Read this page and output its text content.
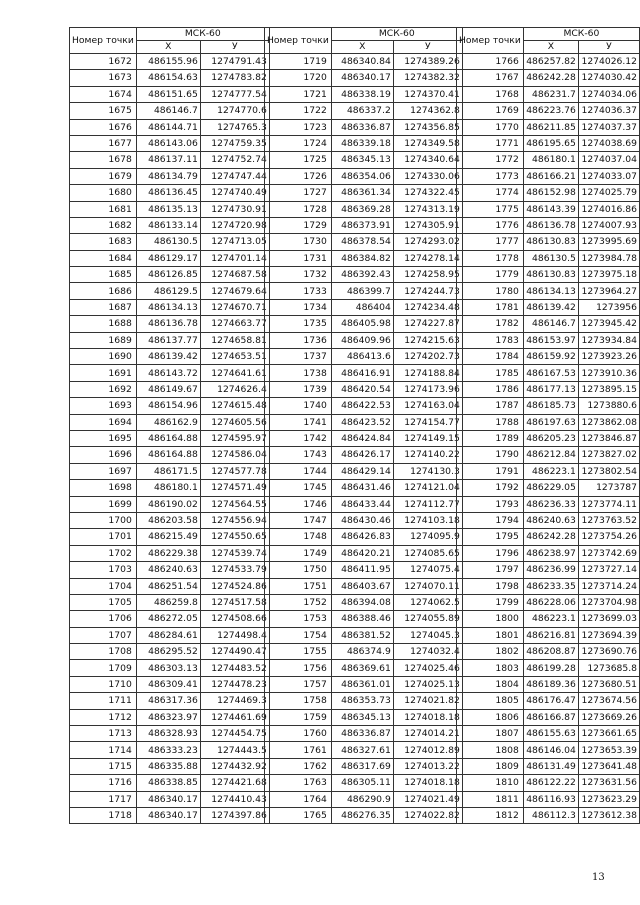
Номер точки	МСК-60	
	X	У
1672	486155.96	1274791.43
1673	486154.63	1274783.82
1674	486151.65	1274777.54
1675	486146.7	1274770.6
1676	486144.71	1274765.3
1677	486143.06	1274759.35
1678	486137.11	1274752.74
1679	486134.79	1274747.44
1680	486136.45	1274740.49
1681	486135.13	1274730.91
1682	486133.14	1274720.98
1683	486130.5	1274713.05
1684	486129.17	1274701.14
1685	486126.85	1274687.58
1686	486129.5	1274679.64
1687	486134.13	1274670.71
1688	486136.78	1274663.77
1689	486137.77	1274658.81
1690	486139.42	1274653.51
1691	486143.72	1274641.61
1692	486149.67	1274626.4
1693	486154.96	1274615.48
1694	486162.9	1274605.56
1695	486164.88	1274595.97
1696	486164.88	1274586.04
1697	486171.5	1274577.78
1698	486180.1	1274571.49
1699	486190.02	1274564.55
1700	486203.58	1274556.94
1701	486215.49	1274550.65
1702	486229.38	1274539.74
1703	486240.63	1274533.79
1704	486251.54	1274524.86
1705	486259.8	1274517.58
1706	486272.05	1274508.66
1707	486284.61	1274498.4
1708	486295.52	1274490.47
1709	486303.13	1274483.52
1710	486309.41	1274478.23
1711	486317.36	1274469.3
1712	486323.97	1274461.69
1713	486328.93	1274454.75
1714	486333.23	1274443.5
1715	486335.88	1274432.92
1716	486338.85	1274421.68
1717	486340.17	1274410.43
1718	486340.17	1274397.86
Номер точки	МСК-60	
	X	У
1719	486340.84	1274389.26
1720	486340.17	1274382.32
1721	486338.19	1274370.41
1722	486337.2	1274362.8
1723	486336.87	1274356.85
1724	486339.18	1274349.58
1725	486345.13	1274340.64
1726	486354.06	1274330.06
1727	486361.34	1274322.45
1728	486369.28	1274313.19
1729	486373.91	1274305.91
1730	486378.54	1274293.02
1731	486384.82	1274278.14
1732	486392.43	1274258.95
1733	486399.7	1274244.73
1734	486404	1274234.48
1735	486405.98	1274227.87
1736	486409.96	1274215.63
1737	486413.6	1274202.73
1738	486416.91	1274188.84
1739	486420.54	1274173.96
1740	486422.53	1274163.04
1741	486423.52	1274154.77
1742	486424.84	1274149.15
1743	486426.17	1274140.22
1744	486429.14	1274130.3
1745	486431.46	1274121.04
1746	486433.44	1274112.77
1747	486430.46	1274103.18
1748	486426.83	1274095.9
1749	486420.21	1274085.65
1750	486411.95	1274075.4
1751	486403.67	1274070.11
1752	486394.08	1274062.5
1753	486388.46	1274055.89
1754	486381.52	1274045.3
1755	486374.9	1274032.4
1756	486369.61	1274025.46
1757	486361.01	1274025.13
1758	486353.73	1274021.82
1759	486345.13	1274018.18
1760	486336.87	1274014.21
1761	486327.61	1274012.89
1762	486317.69	1274013.22
1763	486305.11	1274018.18
1764	486290.9	1274021.49
1765	486276.35	1274022.82
Номер точки	МСК-60	
	X	У
1766	486257.82	1274026.12
1767	486242.28	1274030.42
1768	486231.7	1274034.06
1769	486223.76	1274036.37
1770	486211.85	1274037.37
1771	486195.65	1274038.69
1772	486180.1	1274037.04
1773	486166.21	1274033.07
1774	486152.98	1274025.79
1775	486143.39	1274016.86
1776	486136.78	1274007.93
1777	486130.83	1273995.69
1778	486130.5	1273984.78
1779	486130.83	1273975.18
1780	486134.13	1273964.27
1781	486139.42	1273956
1782	486146.7	1273945.42
1783	486153.97	1273934.84
1784	486159.92	1273923.26
1785	486167.53	1273910.36
1786	486177.13	1273895.15
1787	486185.73	1273880.6
1788	486197.63	1273862.08
1789	486205.23	1273846.87
1790	486212.84	1273827.02
1791	486223.1	1273802.54
1792	486229.05	1273787
1793	486236.33	1273774.11
1794	486240.63	1273763.52
1795	486242.28	1273754.26
1796	486238.97	1273742.69
1797	486236.99	1273727.14
1798	486233.35	1273714.24
1799	486228.06	1273704.98
1800	486223.1	1273699.03
1801	486216.81	1273694.39
1802	486208.87	1273690.76
1803	486199.28	1273685.8
1804	486189.36	1273680.51
1805	486176.47	1273674.56
1806	486166.87	1273669.26
1807	486155.63	1273661.65
1808	486146.04	1273653.39
1809	486131.49	1273641.48
1810	486122.22	1273631.56
1811	486116.93	1273623.29
1812	486112.3	1273612.38
13
